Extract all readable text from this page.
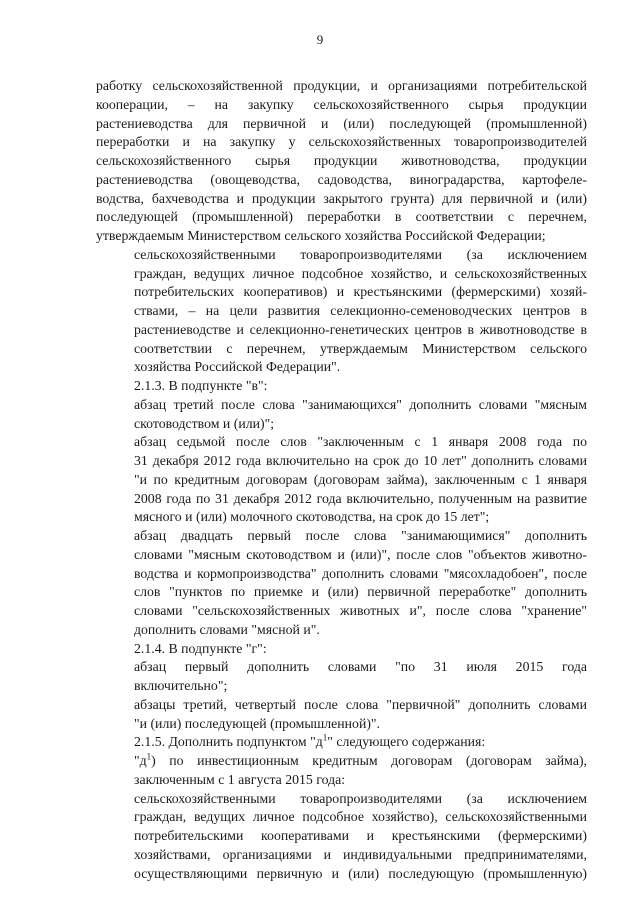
9

работку сельскохозяйственной продукции, и организациями потребительской
кооперации, – на закупку сельскохозяйственного сырья продукции
растениеводства для первичной и (или) последующей (промышленной)
переработки и на закупку у сельскохозяйственных товаропроизводителей
сельскохозяйственного сырья продукции животноводства, продукции
растениеводства (овощеводства, садоводства, виноградарства, картофеле-
водства, бахчеводства и продукции закрытого грунта) для первичной и (или)
последующей (промышленной) переработки в соответствии с перечнем,
утверждаемым Министерством сельского хозяйства Российской Федерации;

сельскохозяйственными товаропроизводителями (за исключением
граждан, ведущих личное подсобное хозяйство, и сельскохозяйственных
потребительских кооперативов) и крестьянскими (фермерскими) хозяй-
ствами, – на цели развития селекционно-семеноводческих центров в
растениеводстве и селекционно-генетических центров в животноводстве в
соответствии с перечнем, утверждаемым Министерством сельского
хозяйства Российской Федерации".

2.1.3. В подпункте "в":

абзац третий после слова "занимающихся" дополнить словами "мясным
скотоводством и (или)";

абзац седьмой после слов "заключенным с 1 января 2008 года по
31 декабря 2012 года включительно на срок до 10 лет" дополнить словами
"и по кредитным договорам (договорам займа), заключенным с 1 января
2008 года по 31 декабря 2012 года включительно, полученным на развитие
мясного и (или) молочного скотоводства, на срок до 15 лет";

абзац двадцать первый после слова "занимающимися" дополнить
словами "мясным скотоводством и (или)", после слов "объектов животно-
водства и кормопроизводства" дополнить словами "мясохладобоен", после
слов "пунктов по приемке и (или) первичной переработке" дополнить
словами "сельскохозяйственных животных и", после слова "хранение"
дополнить словами "мясной и".

2.1.4. В подпункте "г":

абзац первый дополнить словами "по 31 июля 2015 года
включительно";

абзацы третий, четвертый после слова "первичной" дополнить словами
"и (или) последующей (промышленной)".

2.1.5. Дополнить подпунктом "$д^1$" следующего содержания:

"$д^1$) по инвестиционным кредитным договорам (договорам займа),
заключенным с 1 августа 2015 года:

сельскохозяйственными товаропроизводителями (за исключением
граждан, ведущих личное подсобное хозяйство), сельскохозяйственными
потребительскими кооперативами и крестьянскими (фермерскими)
хозяйствами, организациями и индивидуальными предпринимателями,
осуществляющими первичную и (или) последующую (промышленную)
